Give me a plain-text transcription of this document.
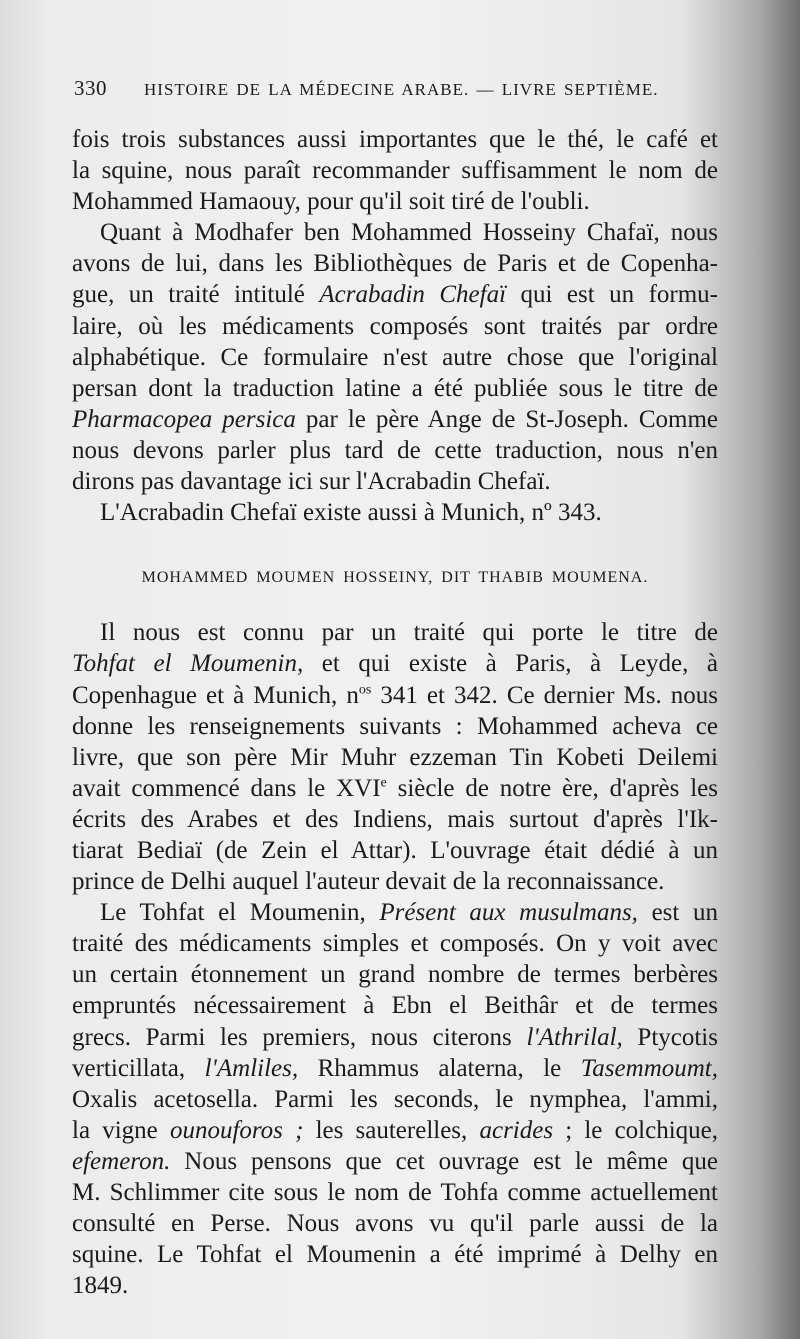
330 HISTOIRE DE LA MÉDECINE ARABE. — LIVRE SEPTIÈME.

fois trois substances aussi importantes que le thé, le café et
la squine, nous paraît recommander suffisamment le nom de
Mohammed Hamaouy, pour qu'il soit tiré de l'oubli.

Quant à Modhafer ben Mohammed Hosseiny Chafaï, nous
avons de lui, dans les Bibliothèques de Paris et de Copenha-
gue, un traité intitulé Acrabadin Chefaï qui est un formu-
laire, où les médicaments composés sont traités par ordre
alphabétique. Ce formulaire n'est autre chose que l'original
persan dont la traduction latine a été publiée sous le titre de
Pharmacopea persica par le père Ange de St-Joseph. Comme
nous devons parler plus tard de cette traduction, nous n'en
dirons pas davantage ici sur l'Acrabadin Chefaï.

L'Acrabadin Chefaï existe aussi à Munich, nº 343.

MOHAMMED MOUMEN HOSSEINY, DIT THABIB MOUMENA.

Il nous est connu par un traité qui porte le titre de
Tohfat el Moumenin, et qui existe à Paris, à Leyde, à
Copenhague et à Munich, $n^{os}$ 341 et 342. Ce dernier Ms. nous
donne les renseignements suivants : Mohammed acheva ce
livre, que son père Mir Muhr ezzeman Tin Kobeti Deilemi
avait commencé dans le XVIe siècle de notre ère, d'après les
écrits des Arabes et des Indiens, mais surtout d'après l'Ik-
tiarat Bediaï (de Zein el Attar). L'ouvrage était dédié à un
prince de Delhi auquel l'auteur devait de la reconnaissance.

Le Tohfat el Moumenin, Présent aux musulmans, est un
traité des médicaments simples et composés. On y voit avec
un certain étonnement un grand nombre de termes berbères
empruntés nécessairement à Ebn el Beithâr et de termes
grecs. Parmi les premiers, nous citerons l'Athrilal, Ptycotis
verticillata, l'Amliles, Rhammus alaterna, le Tasemmoumt,
Oxalis acetosella. Parmi les seconds, le nymphea, l'ammi,
la vigne ounouforos ; les sauterelles, acrides ; le colchique,
efemeron. Nous pensons que cet ouvrage est le même que
M. Schlimmer cite sous le nom de Tohfa comme actuellement
consulté en Perse. Nous avons vu qu'il parle aussi de la
squine. Le Tohfat el Moumenin a été imprimé à Delhy en
1849.
